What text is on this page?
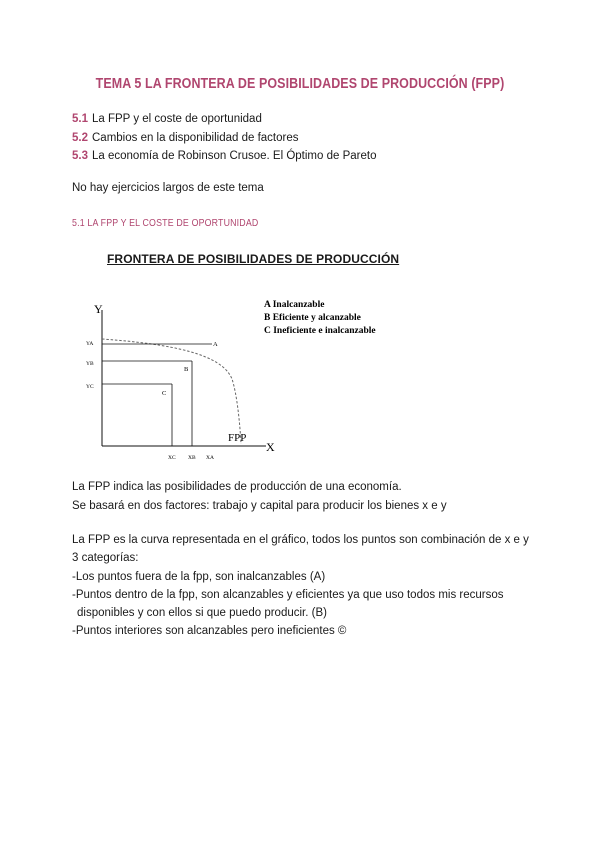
TEMA 5 LA FRONTERA DE POSIBILIDADES DE PRODUCCIÓN (FPP)
5.1 La FPP y el coste de oportunidad
5.2 Cambios en la disponibilidad de factores
5.3 La economía de Robinson Crusoe. El Óptimo de Pareto
No hay ejercicios largos de este tema
5.1 LA FPP Y EL COSTE DE OPORTUNIDAD
FRONTERA DE POSIBILIDADES DE PRODUCCIÓN
Y
X
FPP
A
B
C
YA
YB
YC
XC XB XA
A Inalcanzable
B Eficiente y alcanzable
C Ineficiente e inalcanzable
La FPP indica las posibilidades de producción de una economía.
Se basará en dos factores: trabajo y capital para producir los bienes x e y
La FPP es la curva representada en el gráfico, todos los puntos son combinación de x e y
3 categorías:
-Los puntos fuera de la fpp, son inalcanzables (A)
-Puntos dentro de la fpp, son alcanzables y eficientes ya que uso todos mis recursos
disponibles y con ellos si que puedo producir. (B)
-Puntos interiores son alcanzables pero ineficientes ©
